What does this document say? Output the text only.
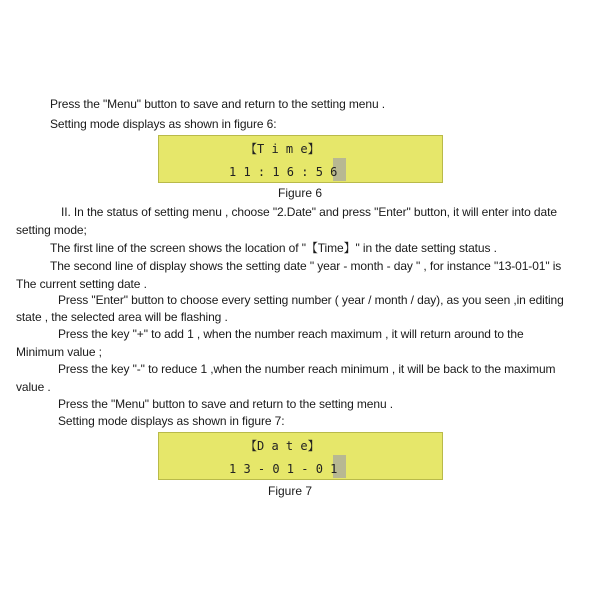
Press the "Menu" button to save and return to the setting menu .
Setting mode displays as shown in figure 6:
【T i m e】
1 1 : 1 6 : 5 6
Figure 6
II. In the status of setting menu , choose "2.Date" and press "Enter" button, it will enter into date
setting mode;
The first line of the screen shows the location of "【Time】" in the date setting status .
The second line of display shows the setting date " year - month - day " , for instance "13-01-01" is
The current setting date .
Press "Enter" button to choose every setting number ( year / month / day), as you seen ,in editing
state , the selected area will be flashing .
Press the key "+" to add 1 , when the number reach maximum , it will return around to the
Minimum value ;
Press the key "-" to reduce 1 ,when the number reach minimum , it will be back to the maximum
value .
Press the "Menu" button to save and return to the setting menu .
Setting mode displays as shown in figure 7:
【D a t e】
1 3 - 0 1 - 0 1
Figure 7
